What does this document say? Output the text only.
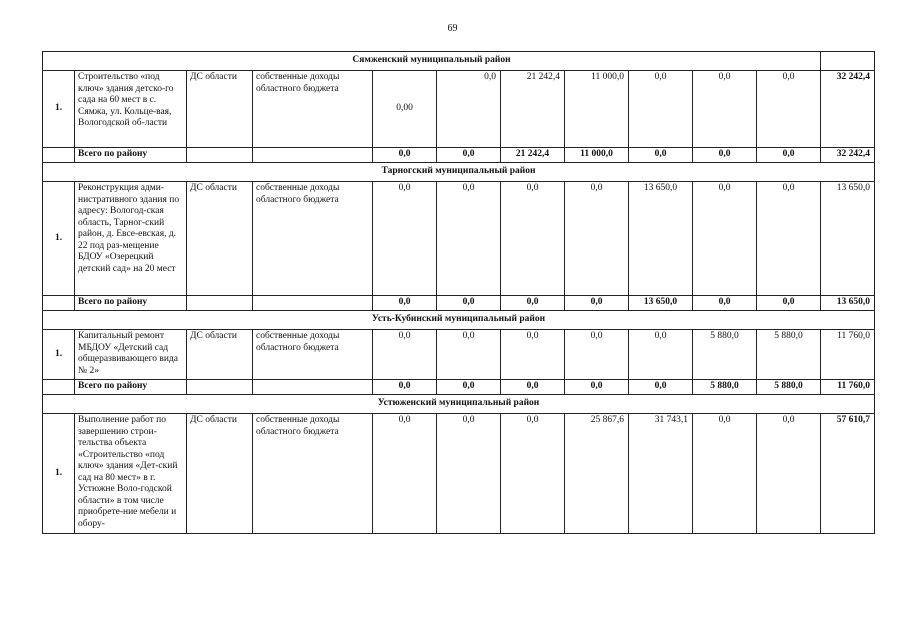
69
Сямженский муниципальный район											
1.	Строительство «под ключ» здания детско-го сада на 60 мест в с. Сямжа, ул. Кольце-вая, Вологодской об-ласти	ДС области	собственные доходы областного бюджета	0,00	0,0	21 242,4	11 000,0	0,0	0,0	0,0	32 242,4
	Всего по району			0,0	0,0	21 242,4	11 000,0	0,0	0,0	0,0	32 242,4
Тарногский муниципальный район											
1.	Реконструкция адми-нистративного здания по адресу: Вологод-ская область, Тарног-ский район, д. Евсе-евская, д. 22 под раз-мещение БДОУ «Озерецкий детский сад» на 20 мест	ДС области	собственные доходы областного бюджета	0,0	0,0	0,0	0,0	13 650,0	0,0	0,0	13 650,0
	Всего по району			0,0	0,0	0,0	0,0	13 650,0	0,0	0,0	13 650,0
Усть-Кубинский муниципальный район											
1.	Капитальный ремонт МБДОУ «Детский сад общеразвивающего вида № 2»	ДС области	собственные доходы областного бюджета	0,0	0,0	0,0	0,0	0,0	5 880,0	5 880,0	11 760,0
	Всего по району			0,0	0,0	0,0	0,0	0,0	5 880,0	5 880,0	11 760,0
Устюженский муниципальный район											
1.	Выполнение работ по завершению строи-тельства объекта «Строительство «под ключ» здания «Дет-ский сад на 80 мест» в г. Устюжне Воло-годской области» в том числе приобрете-ние мебели и обору-	ДС области	собственные доходы областного бюджета	0,0	0,0	0,0	25 867,6	31 743,1	0,0	0,0	57 610,7
